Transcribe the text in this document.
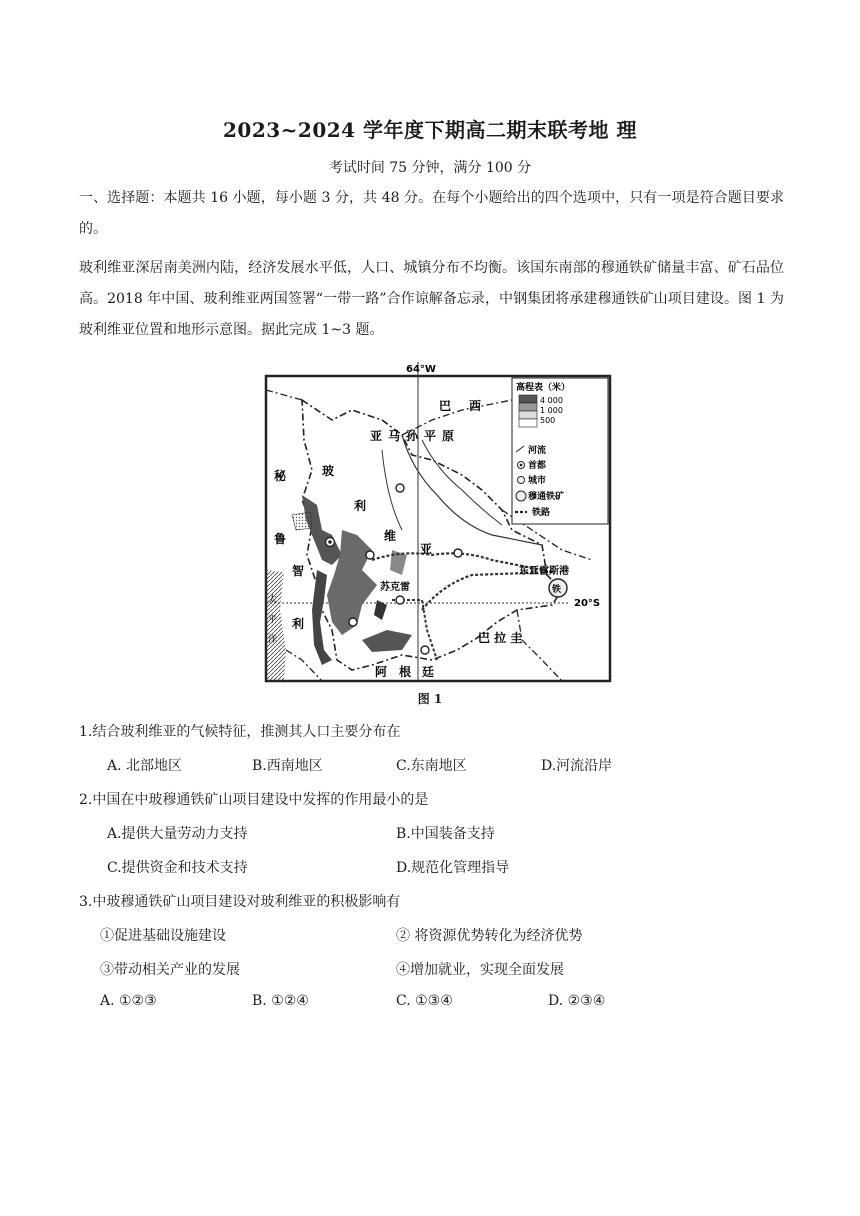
2023~2024 学年度下期高二期末联考地 理
考试时间 75 分钟，满分 100 分
一、选择题：本题共 16 小题，每小题 3 分，共 48 分。在每个小题给出的四个选项中，只有一项是符合题目要求的。
玻利维亚深居南美洲内陆，经济发展水平低，人口、城镇分布不均衡。该国东南部的穆通铁矿储量丰富、矿石品位高。2018 年中国、玻利维亚两国签署“一带一路”合作谅解备忘录，中钢集团将承建穆通铁矿山项目建设。图 1 为玻利维亚位置和地形示意图。据此完成 1~3 题。
64°W
20°S
铁
巴 西
亚 马 孙 平 原
秘
鲁
玻
利
维
亚
智
利
太
平
洋
阿 根 廷
巴 拉 圭
苏克雷
东亚雷斯港
高程表（米）
4 000
1 000
500
河流
首都
城市
穆通铁矿
铁路
图 1
1.结合玻利维亚的气候特征，推测其人口主要分布在
A. 北部地区	B.西南地区	C.东南地区	D.河流沿岸
2.中国在中玻穆通铁矿山项目建设中发挥的作用最小的是
A.提供大量劳动力支持	B.中国装备支持
C.提供资金和技术支持	D.规范化管理指导
3.中玻穆通铁矿山项目建设对玻利维亚的积极影响有
①促进基础设施建设	② 将资源优势转化为经济优势
③带动相关产业的发展	④增加就业，实现全面发展
A. ①②③	B. ①②④	C. ①③④	D. ②③④
